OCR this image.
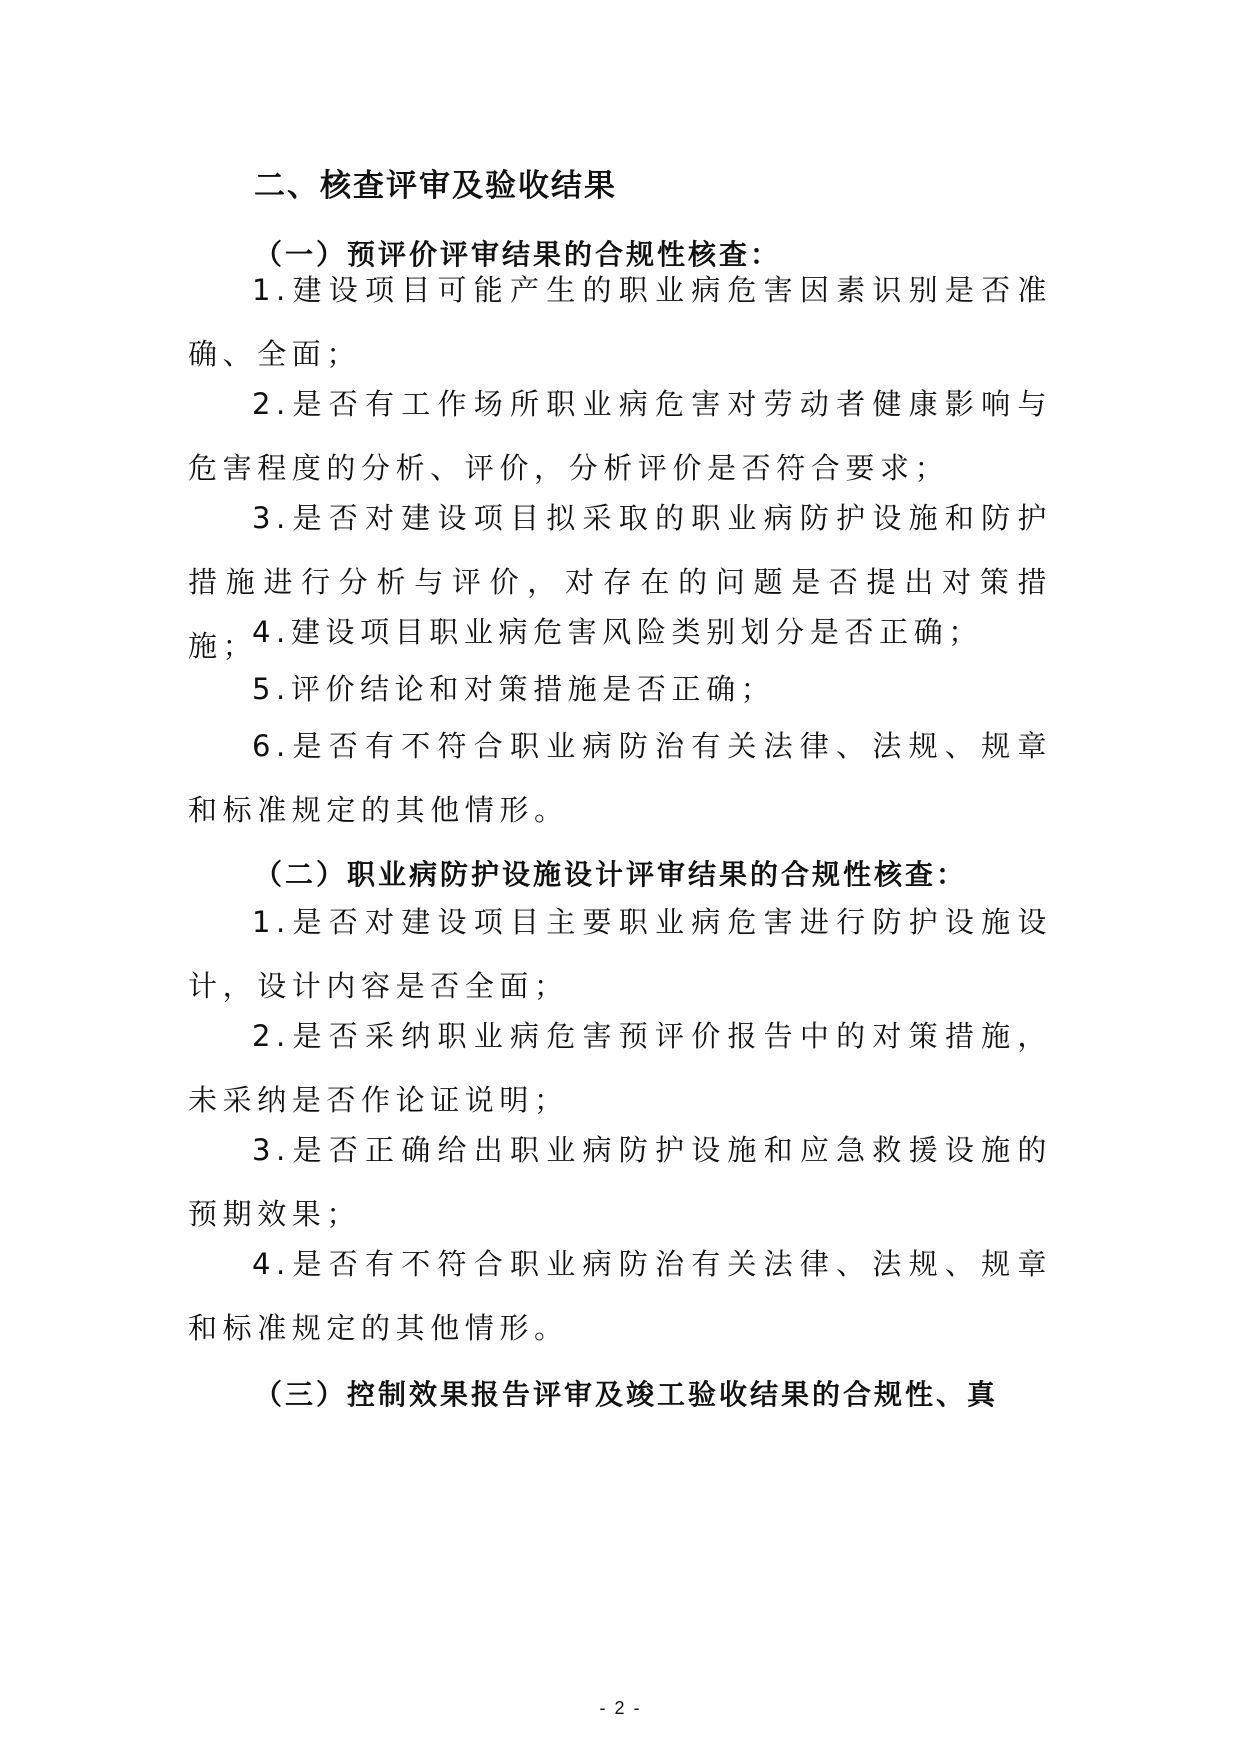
二、核查评审及验收结果
（一）预评价评审结果的合规性核查：
1.建设项目可能产生的职业病危害因素识别是否准确、全面；
2.是否有工作场所职业病危害对劳动者健康影响与危害程度的分析、评价，分析评价是否符合要求；
3.是否对建设项目拟采取的职业病防护设施和防护措施进行分析与评价，对存在的问题是否提出对策措施；
4.建设项目职业病危害风险类别划分是否正确；
5.评价结论和对策措施是否正确；
6.是否有不符合职业病防治有关法律、法规、规章和标准规定的其他情形。
（二）职业病防护设施设计评审结果的合规性核查：
1.是否对建设项目主要职业病危害进行防护设施设计，设计内容是否全面；
2.是否采纳职业病危害预评价报告中的对策措施，未采纳是否作论证说明；
3.是否正确给出职业病防护设施和应急救援设施的预期效果；
4.是否有不符合职业病防治有关法律、法规、规章和标准规定的其他情形。
（三）控制效果报告评审及竣工验收结果的合规性、真
- 2 -
